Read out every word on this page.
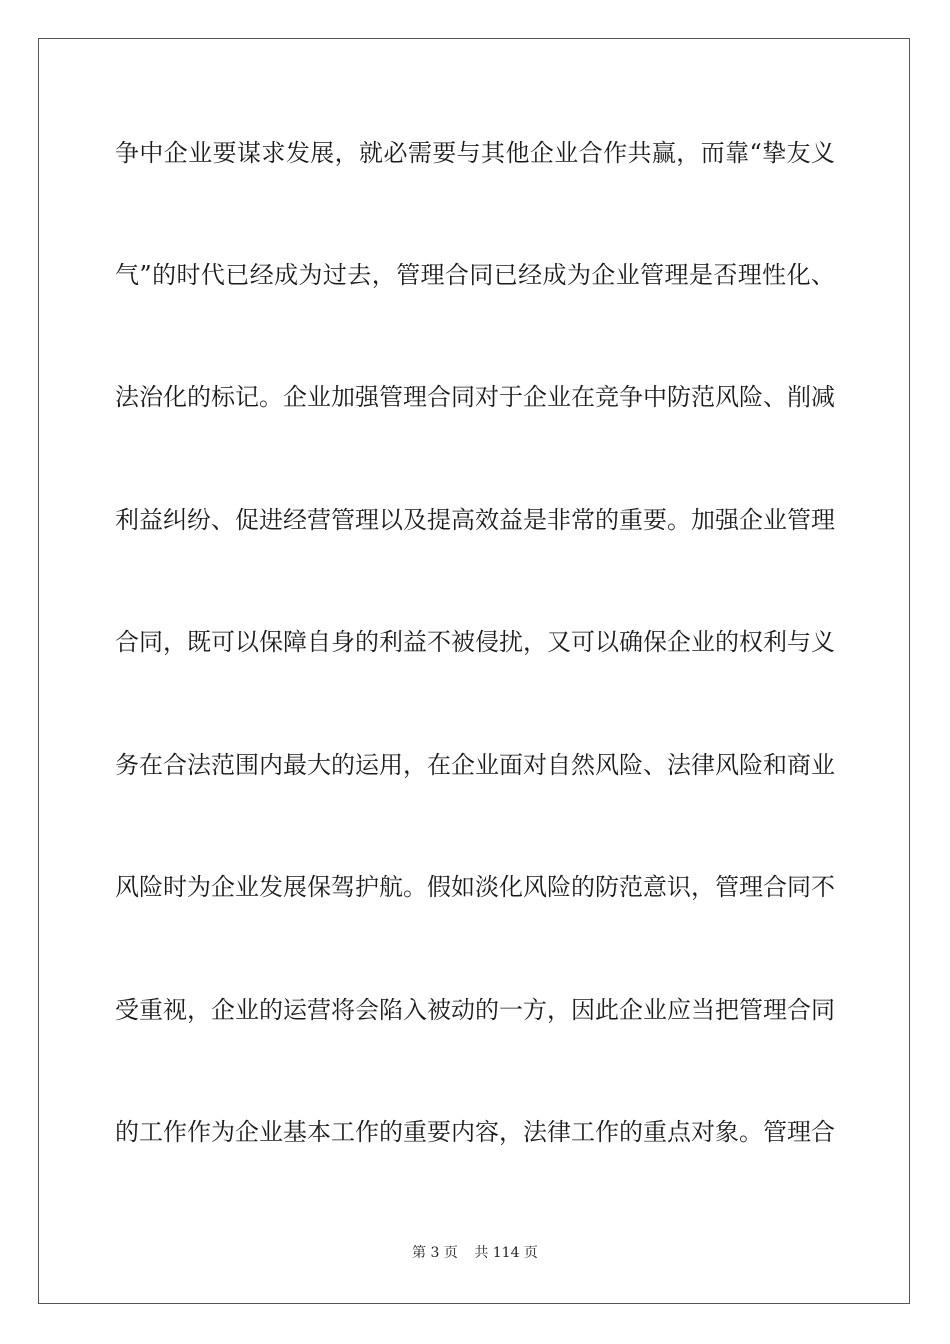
争中企业要谋求发展，就必需要与其他企业合作共赢，而靠“挚友义
气”的时代已经成为过去，管理合同已经成为企业管理是否理性化、
法治化的标记。企业加强管理合同对于企业在竞争中防范风险、削减
利益纠纷、促进经营管理以及提高效益是非常的重要。加强企业管理
合同，既可以保障自身的利益不被侵扰，又可以确保企业的权利与义
务在合法范围内最大的运用，在企业面对自然风险、法律风险和商业
风险时为企业发展保驾护航。假如淡化风险的防范意识，管理合同不
受重视，企业的运营将会陷入被动的一方，因此企业应当把管理合同
的工作作为企业基本工作的重要内容，法律工作的重点对象。管理合
第 3 页 共 114 页
